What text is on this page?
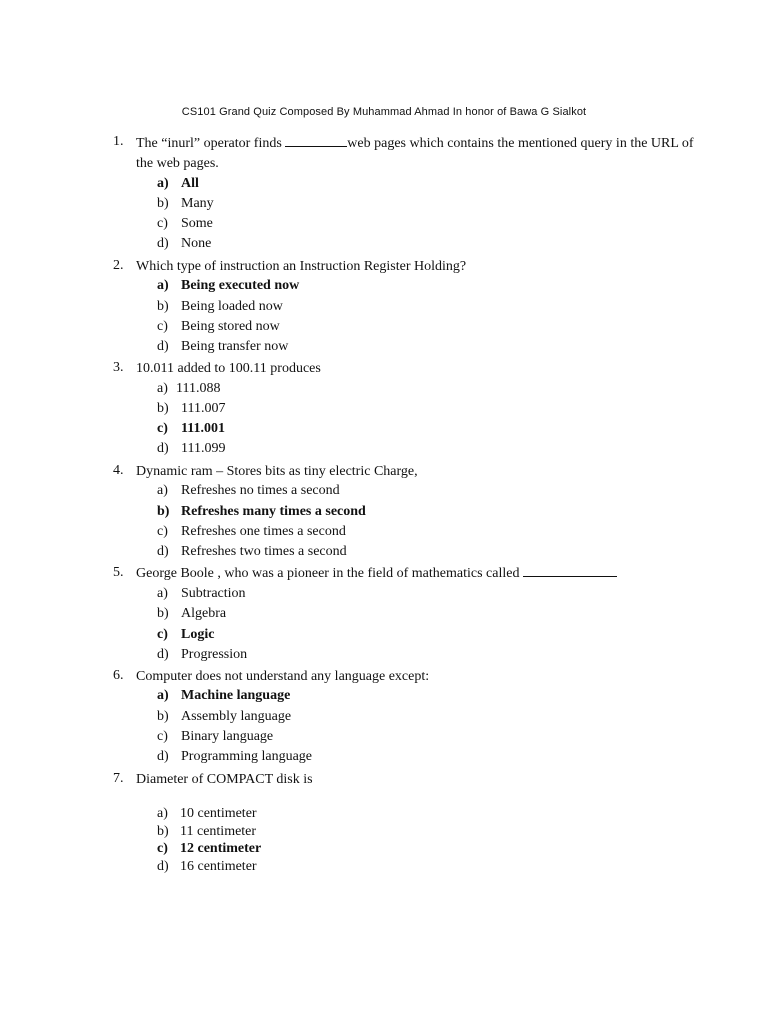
CS101 Grand Quiz Composed By Muhammad Ahmad In honor of Bawa G Sialkot
1. The “inurl” operator finds	web pages which contains the mentioned query in the URL of the web pages.
a) All
b) Many
c) Some
d) None
2. Which type of instruction an Instruction Register Holding?
a) Being executed now
b) Being loaded now
c) Being stored now
d) Being transfer now
3. 10.011 added to 100.11 produces
a) 111.088
b) 111.007
c) 111.001
d) 111.099
4. Dynamic ram – Stores bits as tiny electric Charge,
a) Refreshes no times a second
b) Refreshes many times a second
c) Refreshes one times a second
d) Refreshes two times a second
5. George Boole , who was a pioneer in the field of mathematics called
a) Subtraction
b) Algebra
c) Logic
d) Progression
6. Computer does not understand any language except:
a) Machine language
b) Assembly language
c) Binary language
d) Programming language
7. Diameter of COMPACT disk is
a) 10 centimeter
b) 11 centimeter
c) 12 centimeter
d) 16 centimeter
